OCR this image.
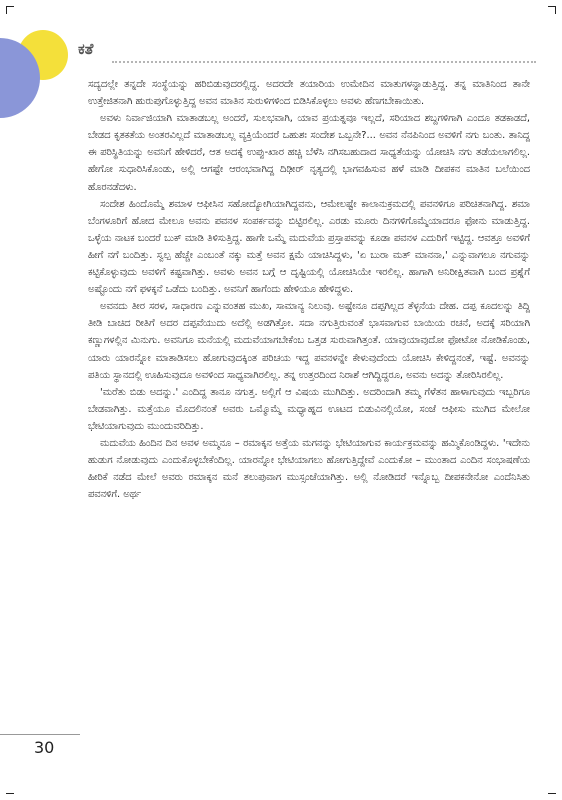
ಕತೆ

ಸದ್ಯದಲ್ಲೇ ತನ್ನದೇ ಸಂಸ್ಥೆಯನ್ನು ಹರಿಬಿಡುವುದರಲ್ಲಿದ್ದ. ಅದರದೇ ತಯಾರಿಯ ಉಮೇದಿನ ಮಾತುಗಳನ್ನಾಡುತ್ತಿದ್ದ. ತನ್ನ ಮಾತಿನಿಂದ ತಾನೇ ಉತ್ತೇಜಿತನಾಗಿ ಹುರುಪುಗೊಳ್ಳುತ್ತಿದ್ದ ಅವನ ಮಾತಿನ ಸುರುಳಿಗಳಿಂದ ಬಿಡಿಸಿಕೊಳ್ಳಲು ಅವಳು ಹೆಣಗಬೇಕಾಯಿತು.

ಅವಳು ನಿರ್ವಾಜಿಯಾಗಿ ಮಾತಾಡಬಲ್ಲ ಅಂದರೆ, ಸುಲಭವಾಗಿ, ಯಾವ ಪ್ರಯತ್ನವೂ ಇಲ್ಲದೆ, ಸರಿಯಾದ ಶಬ್ದಗಳಿಗಾಗಿ ಎಂದೂ ತಡಕಾಡದೆ, ಬೇಡದ ಕೃತಕತೆಯ ಅಂತರವಿಲ್ಲದೆ ಮಾತಾಡಬಲ್ಲ ವ್ಯಕ್ತಿಯೆಂದರೆ ಒಹುಶಃ ಸಂದೇಶ ಒಬ್ಬನೇ?... ಅವನ ನೆನಪಿನಿಂದ ಅವಳಿಗೆ ನಗು ಬಂತು. ತಾನಿದ್ದ ಈ ಪರಿಸ್ಥಿತಿಯನ್ನು ಅವನಿಗೆ ಹೇಳಿದರೆ, ಆತ ಅದಕ್ಕೆ ಉಪ್ಪು-ಖಾರ ಹಚ್ಚಿ ಬೆಳೆಸಿ ನಗಿಸಬಹುದಾದ ಸಾಧ್ಯತೆಯನ್ನು ಯೋಚಿಸಿ ನಗು ತಡೆಯಲಾಗಲಿಲ್ಲ. ಹೇಗೋ ಸುಧಾರಿಸಿಕೊಂಡು, ಅಲ್ಲಿ ಆಗಷ್ಟೇ ಆರಂಭವಾಗಿದ್ದ ದಿಢೀರ್ ನೃತ್ಯದಲ್ಲಿ ಭಾಗವಹಿಸುವ ಹಳೆ ಮಾಡಿ ದೀಪಕನ ಮಾತಿನ ಬಲೆಯಿಂದ ಹೊರನಡೆದಳು.

ಸಂದೇಶ ಹಿಂದೊಮ್ಮೆ ಶಮಾಳ ಆಫೀಸಿನ ಸಹೋದ್ಯೋಗಿಯಾಗಿದ್ದವನು, ಆಮೇಲಷ್ಟೇ ಕಾಲಾನುಕ್ರಮದಲ್ಲಿ ಪವನಳಿಗೂ ಪರಿಚಿತನಾಗಿದ್ದ. ಶಮಾ ಬೆಂಗಳೂರಿಗೆ ಹೋದ ಮೇಲೂ ಅವನು ಪವನಳ ಸಂಪರ್ಕವನ್ನು ಬಿಟ್ಟಿರಲಿಲ್ಲ. ಎರಡು ಮೂರು ದಿನಗಳಿಗೊಮ್ಮೆಯಾದರೂ ಫೋನು ಮಾಡುತ್ತಿದ್ದ. ಒಳ್ಳೆಯ ನಾಟಕ ಬಂದರೆ ಬುಕ್ ಮಾಡಿ ತಿಳಿಸುತ್ತಿದ್ದ. ಹಾಗೇ ಒಮ್ಮೆ ಮದುವೆಯ ಪ್ರಸ್ತಾಪವನ್ನು ಕೂಡಾ ಪವನಳ ಎದುರಿಗೆ ಇಟ್ಟಿದ್ದ. ಆವತ್ತೂ ಅವಳಿಗೆ ಹೀಗೆ ನಗೆ ಬಂದಿತ್ತು. ಸ್ವಲ್ಪ ಹೆಚ್ಚೇ ಎಂಬಂತೆ ನಕ್ಕು ಮತ್ತೆ ಅವನ ಕ್ಷಮೆ ಯಾಚಿಸಿದ್ದಳು, 'ಏ ಬುರಾ ಮತ್ ಮಾನನಾ,' ಎನ್ನುವಾಗಲೂ ನಗುವನ್ನು ಕಟ್ಟಿಕೊಳ್ಳುವುದು ಅವಳಿಗೆ ಕಷ್ಟವಾಗಿತ್ತು. ಅವಳು ಅವನ ಬಗ್ಗೆ ಆ ದೃಷ್ಟಿಯಲ್ಲಿ ಯೋಚಿಸಿಯೇ ಇರಲಿಲ್ಲ. ಹಾಗಾಗಿ ಅನಿರೀಕ್ಷಿತವಾಗಿ ಬಂದ ಪ್ರಶ್ನೆಗೆ ಅಷ್ಟೊಂದು ನಗೆ ಫಳಕ್ಕನೆ ಒಡೆದು ಬಂದಿತ್ತು. ಅವನಿಗೆ ಹಾಗೆಂದು ಹೇಳಿಯೂ ಹೇಳಿದ್ದಳು.

ಅವನದು ತೀರ ಸರಳ, ಸಾಧಾರಣ ಎನ್ನುವಂತಹ ಮುಖ, ಸಾಮಾನ್ಯ ನಿಲುವು. ಅಷ್ಟೇನೂ ದಪ್ಪಗಿಲ್ಲದ ತೆಳ್ಳನೆಯ ದೇಹ. ದಪ್ಪ ಕೂದಲನ್ನು ತಿದ್ದಿ ತೀಡಿ ಬಾಚಿದ ರೀತಿಗೆ ಅದರ ದಪ್ಪವೆಯುದು ಅದೆಲ್ಲಿ ಅಡಗಿತ್ತೋ. ಸದಾ ನಗುತ್ತಿರುವಂತೆ ಭಾಸವಾಗುವ ಬಾಯಿಯ ರಚನೆ, ಅದಕ್ಕೆ ಸರಿಯಾಗಿ ಕಣ್ಣುಗಳಲ್ಲಿನ ಮಿನುಗು. ಅವನಿಗೂ ಮನೆಯಲ್ಲಿ ಮದುವೆಯಾಗಬೇಕೆಂಬ ಒತ್ತಡ ಸುರುವಾಗಿತ್ತಂತೆ. ಯಾವುಯಾವುದೋ ಫೋಟೋ ನೋಡಿಕೊಂಡು, ಯಾರು ಯಾರನ್ನೋ ಮಾತಾಡಿಸಲು ಹೋಗುವುದಕ್ಕಿಂತ ಪರಿಚಯ ಇದ್ದ ಪವನಳನ್ನೇ ಕೇಳುವುದೆಂದು ಯೋಚಿಸಿ ಕೇಳಿದ್ದನಂತೆ, ಇಷ್ಟೆ. ಅವನನ್ನು ಪತಿಯ ಸ್ಥಾನದಲ್ಲಿ ಊಹಿಸುವುದೂ ಅವಳಿಂದ ಸಾಧ್ಯವಾಗಿರಲಿಲ್ಲ. ತನ್ನ ಉತ್ತರದಿಂದ ನಿರಾಶೆ ಆಗಿದ್ದಿದ್ದರೂ, ಅವನು ಅದನ್ನು ತೋರಿಸಿರಲಿಲ್ಲ.

'ಮರೆತು ಬಿಡು ಅದನ್ನು.' ಎಂದಿದ್ದ ತಾನೂ ನಗುತ್ತ. ಅಲ್ಲಿಗೆ ಆ ವಿಷಯ ಮುಗಿದಿತ್ತು. ಅದರಿಂದಾಗಿ ತಮ್ಮ ಗೆಳೆತನ ಹಾಳಾಗುವುದು ಇಬ್ಬರಿಗೂ ಬೇಡವಾಗಿತ್ತು. ಮತ್ತೆಯೂ ಮೊದಲಿನಂತೆ ಅವರು ಒಮ್ಮೊಮ್ಮೆ ಮಧ್ಯಾಹ್ನದ ಊಟದ ಬಿಡುವಿನಲ್ಲಿಯೋ, ಸಂಜೆ ಆಫೀಸು ಮುಗಿದ ಮೇಲೋ ಭೇಟಿಯಾಗುವುದು ಮುಂದುವರಿದಿತ್ತು.

ಮದುವೆಯ ಹಿಂದಿನ ದಿನ ಅವಳ ಅಮ್ಮನೂ – ರಮಾಕ್ಕನ ಅತ್ತೆಯ ಮಗನನ್ನು ಭೇಟಿಯಾಗುವ ಕಾರ್ಯಕ್ರಮವನ್ನು ಹಮ್ಮಿಕೊಂಡಿದ್ದಳು. 'ಇದೇನು ಹುಡುಗ ನೋಡುವುದು ಎಂದುಕೊಳ್ಳಬೇಕೆಂದಿಲ್ಲ. ಯಾರನ್ನೋ ಭೇಟಿಯಾಗಲು ಹೋಗುತ್ತಿದ್ದೇವೆ ಎಂದುಕೋ – ಮುಂತಾದ ಎಂದಿನ ಸಂಭಾಷಣೆಯ ಹೀರಿಕೆ ನಡೆದ ಮೇಲೆ ಅವರು ರಮಾಕ್ಕನ ಮನೆ ತಲುಪುವಾಗ ಮುಸ್ಸಂಜೆಯಾಗಿತ್ತು. ಅಲ್ಲಿ ನೋಡಿದರೆ ಇನ್ನೊಬ್ಬ ದೀಪಕನೇನೋ ಎಂದೆನಿಸಿತು ಪವನಳಿಗೆ. ಅರ್ಥ

30
